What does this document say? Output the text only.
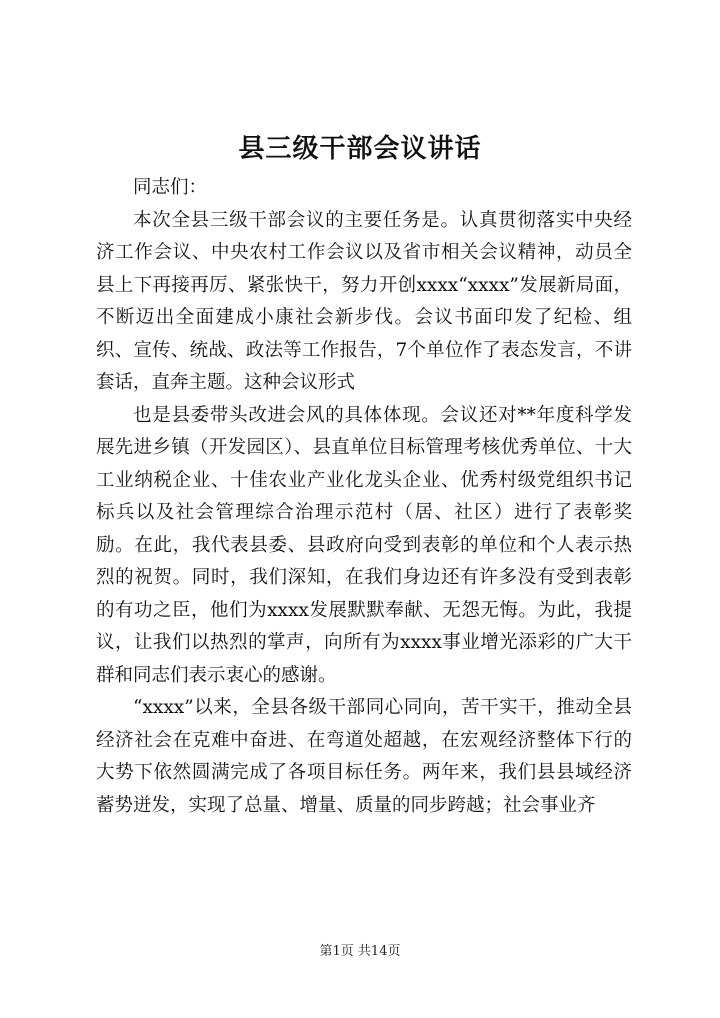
县三级干部会议讲话

同志们：

本次全县三级干部会议的主要任务是。认真贯彻落实中央经济工作会议、中央农村工作会议以及省市相关会议精神，动员全县上下再接再厉、紧张快干，努力开创xxxx“xxxx”发展新局面，不断迈出全面建成小康社会新步伐。会议书面印发了纪检、组织、宣传、统战、政法等工作报告，7个单位作了表态发言，不讲套话，直奔主题。这种会议形式

也是县委带头改进会风的具体体现。会议还对**年度科学发展先进乡镇（开发园区）、县直单位目标管理考核优秀单位、十大工业纳税企业、十佳农业产业化龙头企业、优秀村级党组织书记标兵以及社会管理综合治理示范村（居、社区）进行了表彰奖励。在此，我代表县委、县政府向受到表彰的单位和个人表示热烈的祝贺。同时，我们深知，在我们身边还有许多没有受到表彰的有功之臣，他们为xxxx发展默默奉献、无怨无悔。为此，我提议，让我们以热烈的掌声，向所有为xxxx事业增光添彩的广大干群和同志们表示衷心的感谢。

“xxxx”以来，全县各级干部同心同向，苦干实干，推动全县经济社会在克难中奋进、在弯道处超越，在宏观经济整体下行的大势下依然圆满完成了各项目标任务。两年来，我们县县域经济蓄势迸发，实现了总量、增量、质量的同步跨越；社会事业齐

第1页 共14页
